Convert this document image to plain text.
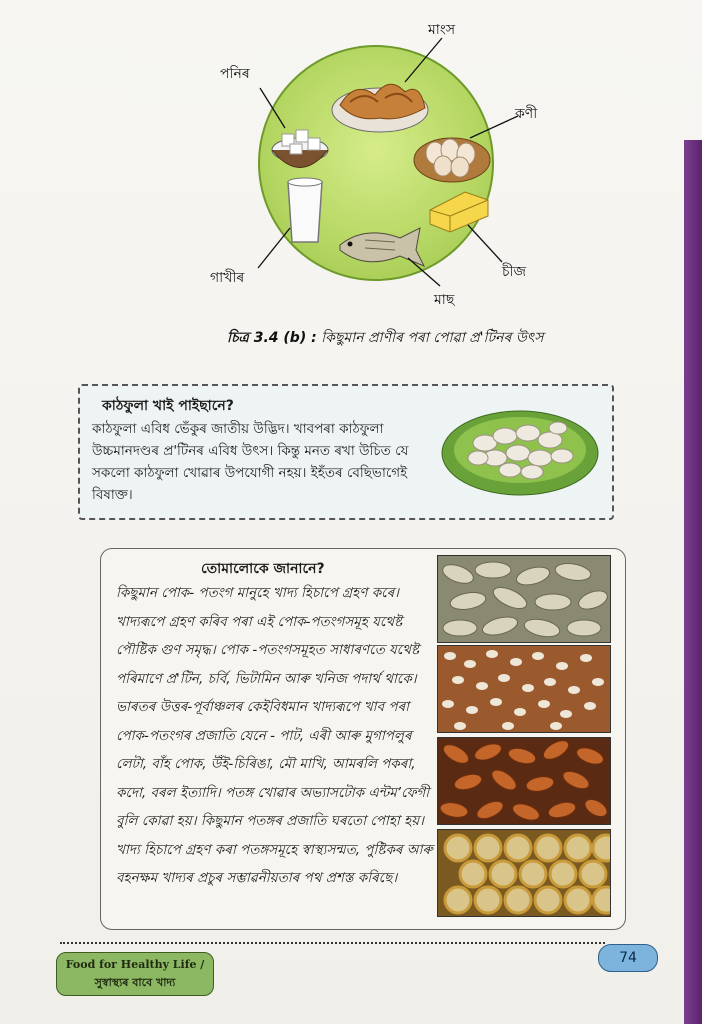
মাংস
পনিৰ
কণী
গাখীৰ	চীজ
মাছ
চিত্ৰ 3.4 (b) : কিছুমান প্ৰাণীৰ পৰা পোৱা প্ৰ'টিনৰ উৎস
কাঠফুলা খাই পাইছানে?

কাঠফুলা এবিধ ভেঁকুৰ জাতীয় উদ্ভিদ। খাবপৰা কাঠফুলা উচ্চমানদণ্ডৰ প্ৰ'টিনৰ এবিধ উৎস। কিন্তু মনত ৰখা উচিত যে সকলো কাঠফুলা খোৱাৰ উপযোগী নহয়। ইহঁতৰ বেছিভাগেই বিষাক্ত।

তোমালোকে জানানে?

কিছুমান পোক- পতংগ মানুহে খাদ্য হিচাপে গ্ৰহণ কৰে। খাদ্যৰূপে গ্ৰহণ কৰিব পৰা এই পোক-পতংগসমূহ যথেষ্ট পৌষ্টিক গুণ সমৃদ্ধ। পোক -পতংগসমূহত সাধাৰণতে যথেষ্ট পৰিমাণে প্ৰ'টিন, চৰ্বি, ভিটামিন আৰু খনিজ পদাৰ্থ থাকে। ভাৰতৰ উত্তৰ-পূৰ্বাঞ্চলৰ কেইবিধমান খাদ্যৰূপে খাব পৰা পোক-পতংগৰ প্ৰজাতি যেনে - পাট, এৰী আৰু মুগাপলুৰ লেটা, বাঁহ পোক, উঁই-চিৰিঙা, মৌ মাখি, আমৰলি পকৰা, কদো, বৰল ইত্যাদি। পতঙ্গ খোৱাৰ অভ্যাসটোক এন্টম’ফেগী বুলি কোৱা হয়। কিছুমান পতঙ্গৰ প্ৰজাতি ঘৰতো পোহা হয়। খাদ্য হিচাপে গ্ৰহণ কৰা পতঙ্গসমূহে স্বাস্থ্যসন্মত, পুষ্টিকৰ আৰু বহনক্ষম খাদ্যৰ প্ৰচুৰ সম্ভাৱনীয়তাৰ পথ প্ৰশস্ত কৰিছে।

Food for Healthy Life /
সুস্বাস্থ্যৰ বাবে খাদ্য
74
